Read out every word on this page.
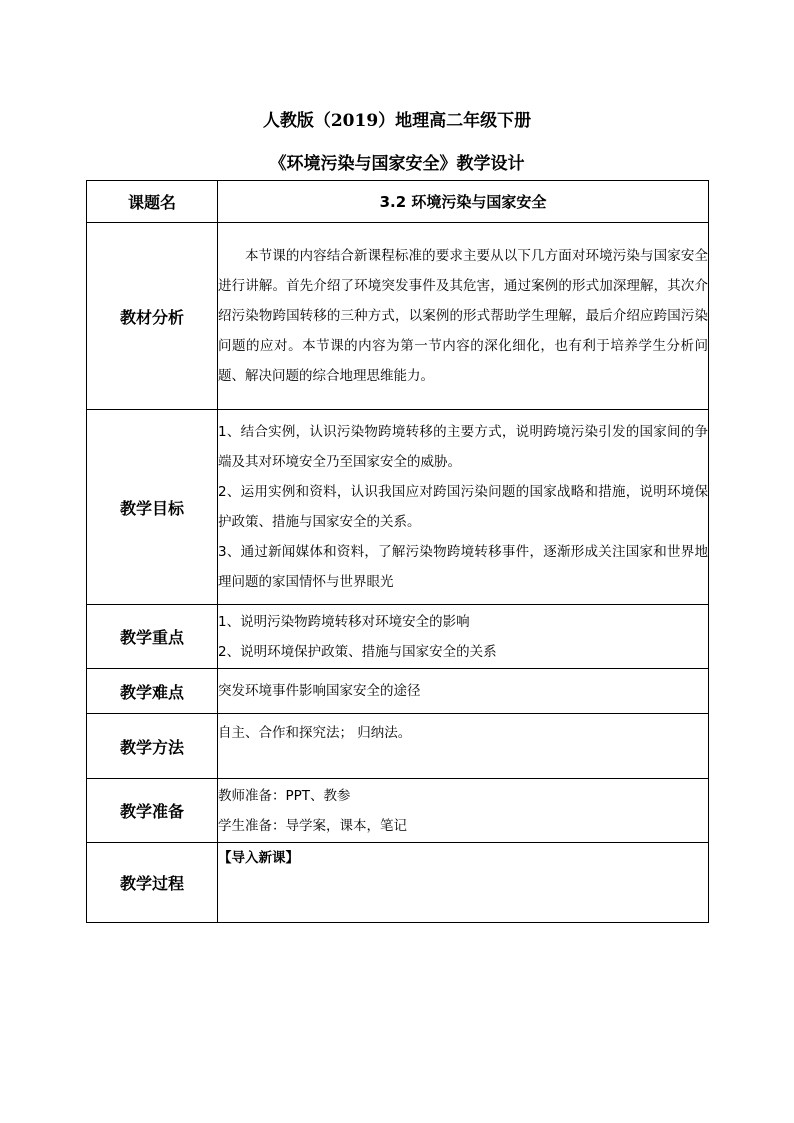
人教版（2019）地理高二年级下册
《环境污染与国家安全》教学设计
课题名	3.2 环境污染与国家安全
教材分析	本节课的内容结合新课程标准的要求主要从以下几方面对环境污染与国家安全进行讲解。首先介绍了环境突发事件及其危害，通过案例的形式加深理解，其次介绍污染物跨国转移的三种方式，以案例的形式帮助学生理解，最后介绍应跨国污染问题的应对。本节课的内容为第一节内容的深化细化，也有利于培养学生分析问题、解决问题的综合地理思维能力。

教学目标	1、结合实例，认识污染物跨境转移的主要方式，说明跨境污染引发的国家间的争端及其对环境安全乃至国家安全的威胁。

2、运用实例和资料，认识我国应对跨国污染问题的国家战略和措施，说明环境保护政策、措施与国家安全的关系。

3、通过新闻媒体和资料，了解污染物跨境转移事件，逐渐形成关注国家和世界地理问题的家国情怀与世界眼光

教学重点	1、说明污染物跨境转移对环境安全的影响

2、说明环境保护政策、措施与国家安全的关系

教学难点	突发环境事件影响国家安全的途径
教学方法	自主、合作和探究法； 归纳法。

教学准备	教师准备：PPT、教参

学生准备：导学案，课本，笔记

教学过程	【导入新课】
